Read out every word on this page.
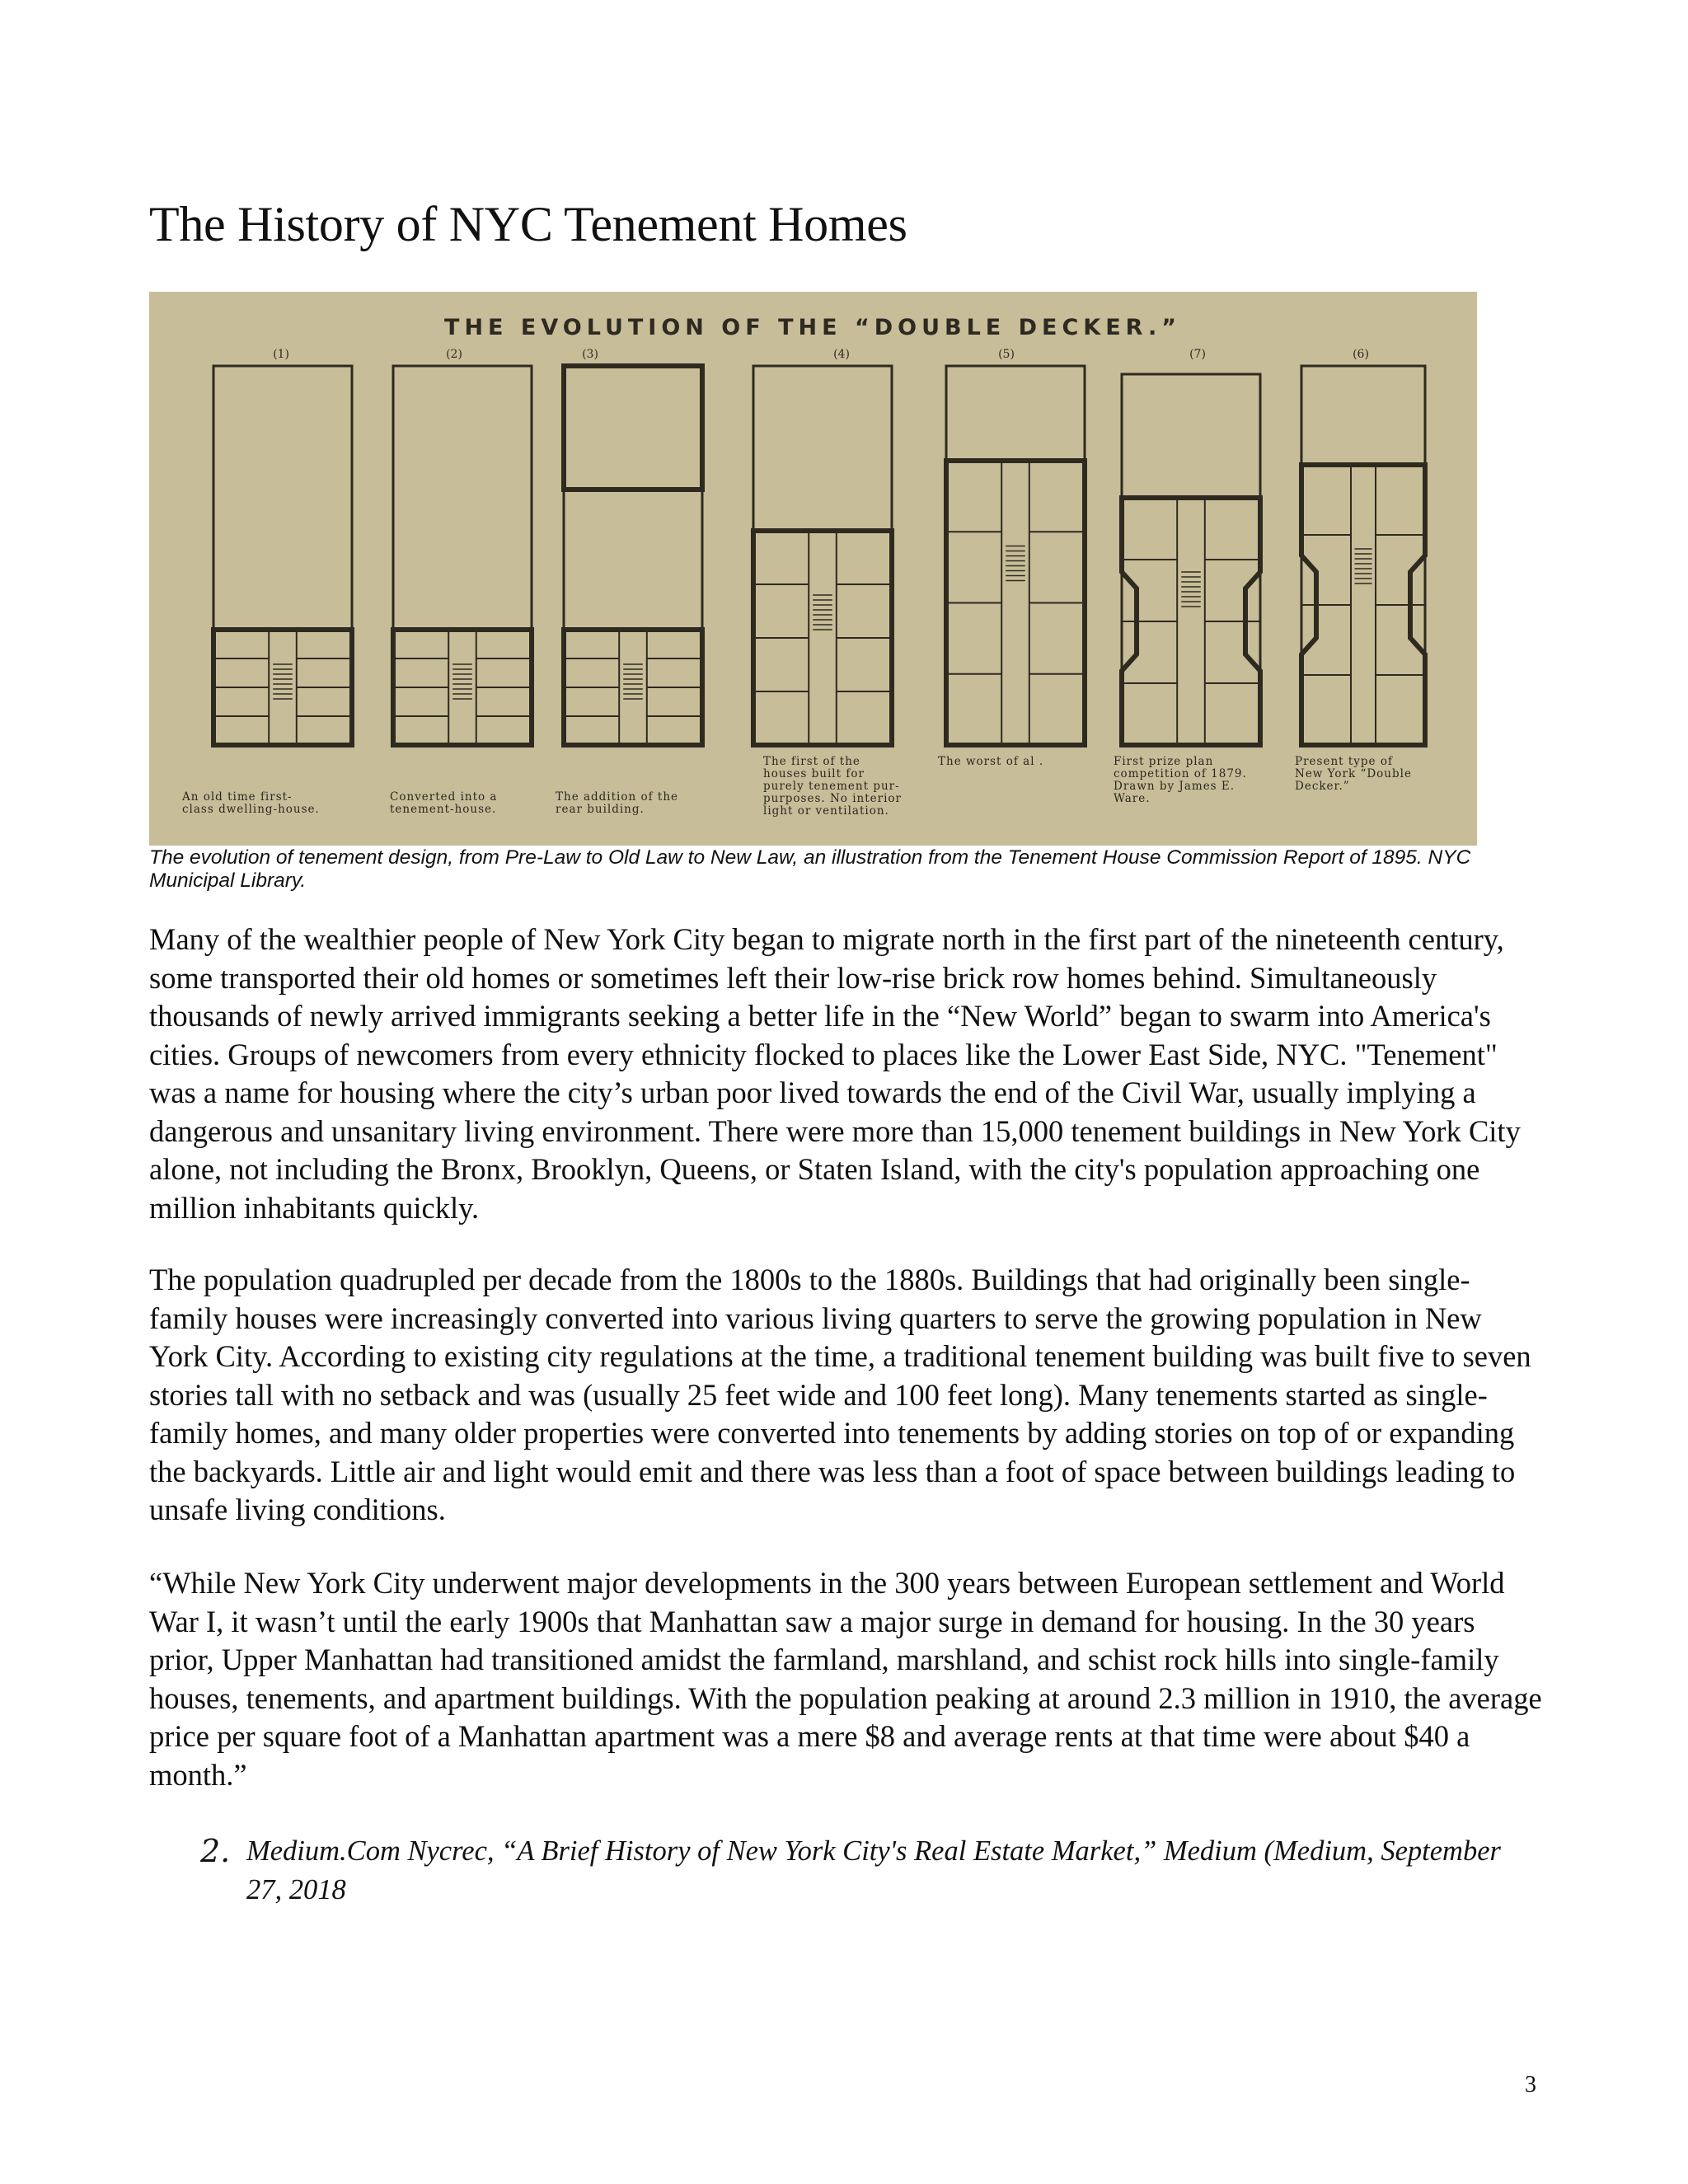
The History of NYC Tenement Homes
THE EVOLUTION OF THE “DOUBLE DECKER.”
(1)
An old time first-
class dwelling-house.
(2)
Converted into a
tenement-house.
(3)
The addition of the
rear building.
(4)
The first of the
houses built for
purely tenement pur-
purposes. No interior
light or ventilation.
(5)
The worst of al .
(7)
First prize plan
competition of 1879.
Drawn by James E.
Ware.
(6)
Present type of
New York “Double
Decker.”
The evolution of tenement design, from Pre-Law to Old Law to New Law, an illustration from the Tenement House Commission Report of 1895. NYC Municipal Library.

Many of the wealthier people of New York City began to migrate north in the first part of the nineteenth century, some transported their old homes or sometimes left their low-rise brick row homes behind. Simultaneously thousands of newly arrived immigrants seeking a better life in the “New World” began to swarm into America's cities. Groups of newcomers from every ethnicity flocked to places like the Lower East Side, NYC. "Tenement" was a name for housing where the city’s urban poor lived towards the end of the Civil War, usually implying a dangerous and unsanitary living environment. There were more than 15,000 tenement buildings in New York City alone, not including the Bronx, Brooklyn, Queens, or Staten Island, with the city's population approaching one million inhabitants quickly.

The population quadrupled per decade from the 1800s to the 1880s. Buildings that had originally been single-family houses were increasingly converted into various living quarters to serve the growing population in New York City. According to existing city regulations at the time, a traditional tenement building was built five to seven stories tall with no setback and was (usually 25 feet wide and 100 feet long). Many tenements started as single-family homes, and many older properties were converted into tenements by adding stories on top of or expanding the backyards. Little air and light would emit and there was less than a foot of space between buildings leading to unsafe living conditions.

“While New York City underwent major developments in the 300 years between European settlement and World War I, it wasn’t until the early 1900s that Manhattan saw a major surge in demand for housing. In the 30 years prior, Upper Manhattan had transitioned amidst the farmland, marshland, and schist rock hills into single-family houses, tenements, and apartment buildings. With the population peaking at around 2.3 million in 1910, the average price per square foot of a Manhattan apartment was a mere $8 and average rents at that time were about $40 a month.”

2. Medium.Com Nycrec, “A Brief History of New York City's Real Estate Market,” Medium (Medium, September 27, 2018
3
